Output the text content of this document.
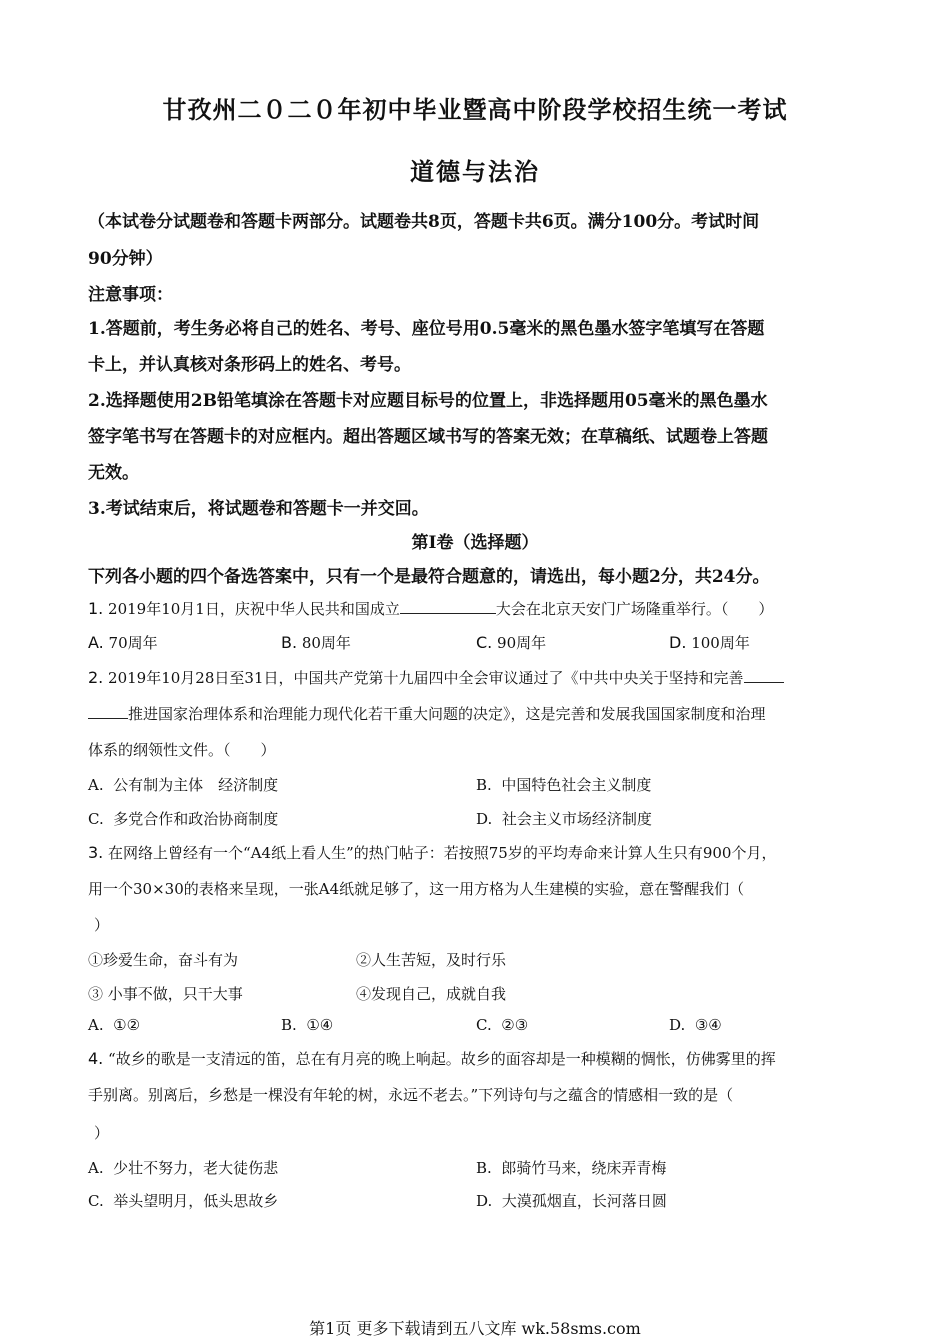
甘孜州二０二０年初中毕业暨高中阶段学校招生统一考试
道德与法治
（本试卷分试题卷和答题卡两部分。试题卷共8页，答题卡共6页。满分100分。考试时间
90分钟）
注意事项：
1.答题前，考生务必将自己的姓名、考号、座位号用0.5毫米的黑色墨水签字笔填写在答题
卡上，并认真核对条形码上的姓名、考号。
2.选择题使用2B铅笔填涂在答题卡对应题目标号的位置上，非选择题用05毫米的黑色墨水
签字笔书写在答题卡的对应框内。超出答题区域书写的答案无效；在草稿纸、试题卷上答题
无效。
3.考试结束后，将试题卷和答题卡一并交回。
第Ⅰ卷（选择题）
下列各小题的四个备选答案中，只有一个是最符合题意的，请选出，每小题2分，共24分。
1. 2019年10月1日，庆祝中华人民共和国成立	大会在北京天安门广场隆重举行。（　　）
A. 70周年	B. 80周年	C. 90周年	D. 100周年
2. 2019年10月28日至31日，中国共产党第十九届四中全会审议通过了《中共中央关于坚持和完善
推进国家治理体系和治理能力现代化若干重大问题的决定》，这是完善和发展我国国家制度和治理
体系的纲领性文件。（　　）
A. 公有制为主体　经济制度	B. 中国特色社会主义制度
C. 多党合作和政治协商制度	D. 社会主义市场经济制度
3. 在网络上曾经有一个“A4纸上看人生”的热门帖子：若按照75岁的平均寿命来计算人生只有900个月，
用一个30×30的表格来呈现，一张A4纸就足够了，这一用方格为人生建模的实验，意在警醒我们（
）
①珍爱生命，奋斗有为	②人生苦短，及时行乐
③ 小事不做，只干大事	④发现自己，成就自我
A. ①②	B. ①④	C. ②③	D. ③④
4. “故乡的歌是一支清远的笛，总在有月亮的晚上响起。故乡的面容却是一种模糊的惆怅，仿佛雾里的挥
手别离。别离后，乡愁是一棵没有年轮的树，永远不老去。”下列诗句与之蕴含的情感相一致的是（
）
A. 少壮不努力，老大徒伤悲	B. 郎骑竹马来，绕床弄青梅
C. 举头望明月，低头思故乡	D. 大漠孤烟直，长河落日圆
第1页 更多下载请到五八文库 wk.58sms.com
